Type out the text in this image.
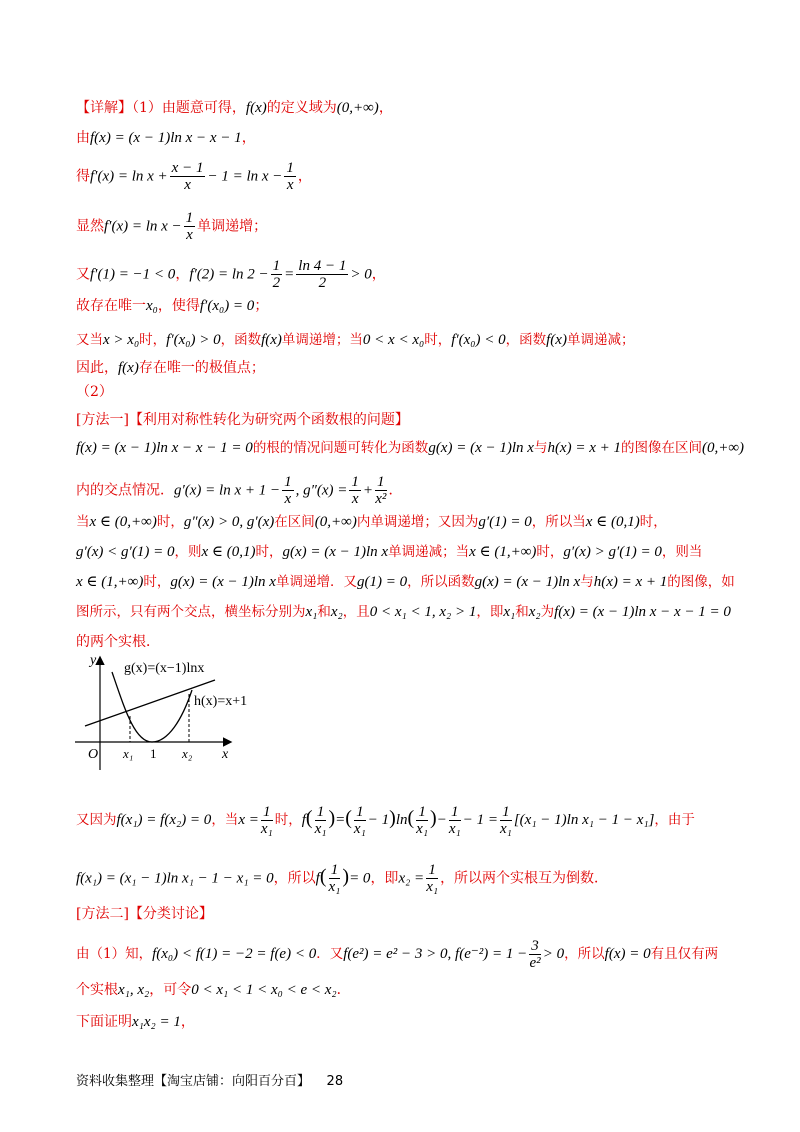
【详解】（1）由题意可得，f(x)的定义域为(0,+∞)，
由f(x) = (x − 1)ln x − x − 1，
得$f'(x) = \ln x + \frac{x - 1}{x} - 1 = \ln x - \frac{1}{x}$ ，
显然$f'(x) = \ln x - \frac{1}{x}$ 单调递增；
又f′(1) = −1 < 0，$f'(2) = \ln 2 - \frac{1}{2} = \frac{\ln 4 - 1}{2} > 0$，
故存在唯一x₀，使得f′(x₀) = 0；
又当x > x₀时，f′(x₀) > 0，函数f(x)单调递增；当0 < x < x₀时，f′(x₀) < 0，函数f(x)单调递减；
因此，f(x)存在唯一的极值点；
（2）
[方法一]【利用对称性转化为研究两个函数根的问题】
f(x) = (x − 1)ln x − x − 1 = 0的根的情况问题可转化为函数g(x) = (x − 1)ln x与h(x) = x + 1的图像在区间(0,+∞)
内的交点情况．$g'(x) = \ln x + 1 - \frac{1}{x}$ , $g''(x) = \frac{1}{x} + \frac{1}{\text{x²}}$ ．
当x ∈ (0,+∞)时，g″(x) > 0, g′(x)在区间(0,+∞)内单调递增；又因为g′(1) = 0，所以当x ∈ (0,1)时，
g′(x) < g′(1) = 0，则x ∈ (0,1)时，g(x) = (x − 1)ln x单调递减；当x ∈ (1,+∞)时，g′(x) > g′(1) = 0，则当
x ∈ (1,+∞)时，g(x) = (x − 1)ln x单调递增．又g(1) = 0，所以函数g(x) = (x − 1)ln x与h(x) = x + 1的图像，如
图所示，只有两个交点，横坐标分别为x₁和x₂，且0 < x₁ < 1, x₂ > 1，即x₁和x₂为f(x) = (x − 1)ln x − x − 1 = 0
的两个实根．
y
x
O
g(x)=(x−1)lnx
h(x)=x+1
x₁ 1 x₂
又因为f(x₁) = f(x₂) = 0，当$x = \frac{1}{\text{x₁}}$ 时，$f( \frac{1}{\text{x₁}}$ )=( $\frac{1}{\text{x₁}} - 1)\ln( \frac{1}{\text{x₁}}$ )− $\frac{1}{\text{x₁}} - 1 = \frac{1}{\text{x₁}} [(x_1 - 1)\ln$ x₁ − 1 − x₁]，由于
f(x₁) = (x₁ − 1)ln x₁ − 1 − x₁ = 0，所以$f( \frac{1}{\text{x₁}}$ )= 0，即$x_2 = \frac{1}{\text{x₁}}$ ，所以两个实根互为倒数．
[方法二]【分类讨论】
由（1）知，f(x₀) < f(1) = −2 = f(e) < 0．又f(e²) = e² − 3 > 0, $f(e^{-2}) = 1 - \frac{3}{\text{e²}} > 0$，所以f(x) = 0有且仅有两
个实根x₁, x₂，可令0 < x₁ < 1 < x₀ < e < x₂．
下面证明x₁x₂ = 1，
资料收集整理【淘宝店铺：向阳百分百】 28
